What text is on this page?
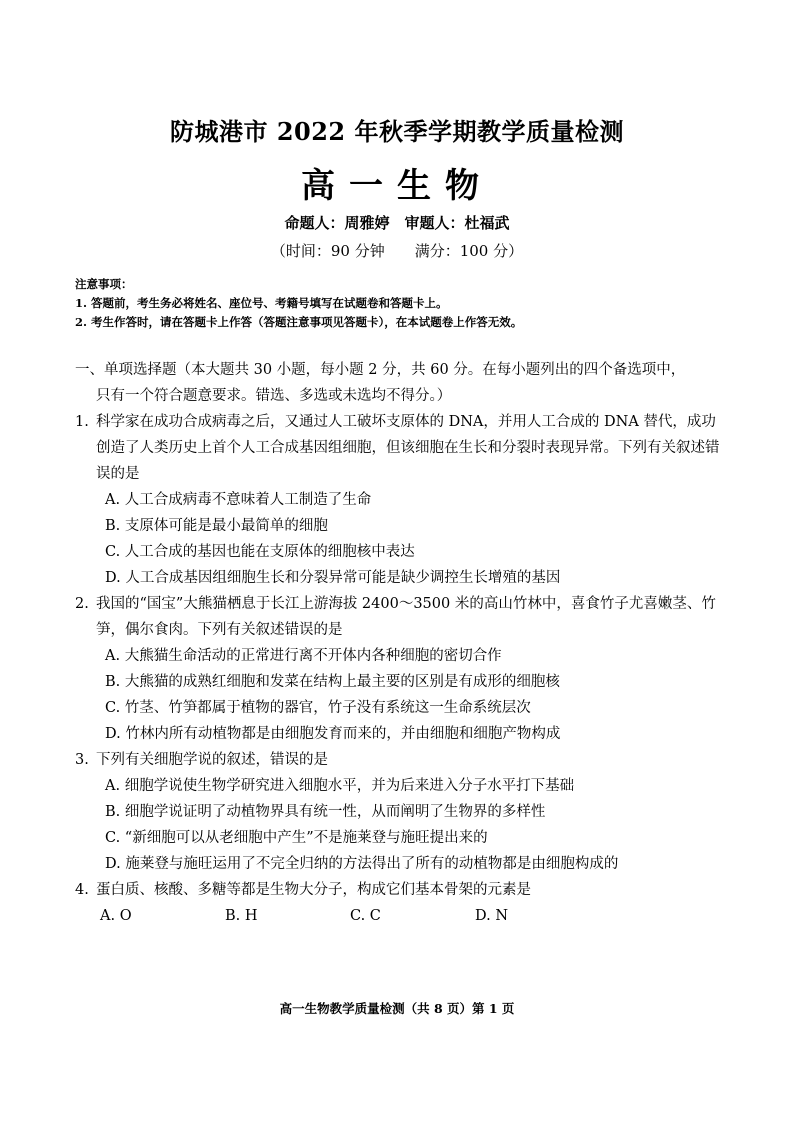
防城港市 2022 年秋季学期教学质量检测
高一生物
命题人：周雅婷　审题人：杜福武
（时间：90 分钟　　满分：100 分）
注意事项：
1. 答题前，考生务必将姓名、座位号、考籍号填写在试题卷和答题卡上。
2. 考生作答时，请在答题卡上作答（答题注意事项见答题卡），在本试题卷上作答无效。
一、单项选择题（本大题共 30 小题，每小题 2 分，共 60 分。在每小题列出的四个备选项中，
只有一个符合题意要求。错选、多选或未选均不得分。）
1. 科学家在成功合成病毒之后，又通过人工破坏支原体的 DNA，并用人工合成的 DNA 替代，成功创造了人类历史上首个人工合成基因组细胞，但该细胞在生长和分裂时表现异常。下列有关叙述错误的是
A. 人工合成病毒不意味着人工制造了生命
B. 支原体可能是最小最简单的细胞
C. 人工合成的基因也能在支原体的细胞核中表达
D. 人工合成基因组细胞生长和分裂异常可能是缺少调控生长增殖的基因
2. 我国的“国宝”大熊猫栖息于长江上游海拔 2400～3500 米的高山竹林中，喜食竹子尤喜嫩茎、竹笋，偶尔食肉。下列有关叙述错误的是
A. 大熊猫生命活动的正常进行离不开体内各种细胞的密切合作
B. 大熊猫的成熟红细胞和发菜在结构上最主要的区别是有成形的细胞核
C. 竹茎、竹笋都属于植物的器官，竹子没有系统这一生命系统层次
D. 竹林内所有动植物都是由细胞发育而来的，并由细胞和细胞产物构成
3. 下列有关细胞学说的叙述，错误的是
A. 细胞学说使生物学研究进入细胞水平，并为后来进入分子水平打下基础
B. 细胞学说证明了动植物界具有统一性，从而阐明了生物界的多样性
C. “新细胞可以从老细胞中产生”不是施莱登与施旺提出来的
D. 施莱登与施旺运用了不完全归纳的方法得出了所有的动植物都是由细胞构成的
4. 蛋白质、核酸、多糖等都是生物大分子，构成它们基本骨架的元素是
A. O	B. H	C. C	D. N
高一生物教学质量检测（共 8 页）第 1 页
